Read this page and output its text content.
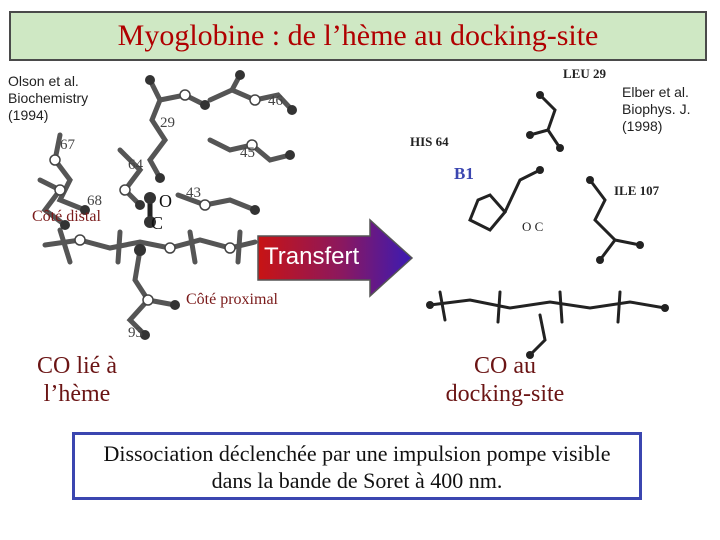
Myoglobine : de l’hème au docking-site
Olson et al.
Biochemistry
(1994)
Elber et al.
Biophys. J.
(1998)
46
29
67
64
45
68	43
93
O
C
Côté distal
Côté proximal
LEU 29
HIS 64
ILE 107
B1
O C
Transfert
CO lié à
l’hème
CO au
docking-site
Dissociation déclenchée par une impulsion pompe visible
dans la bande de Soret à 400 nm.
